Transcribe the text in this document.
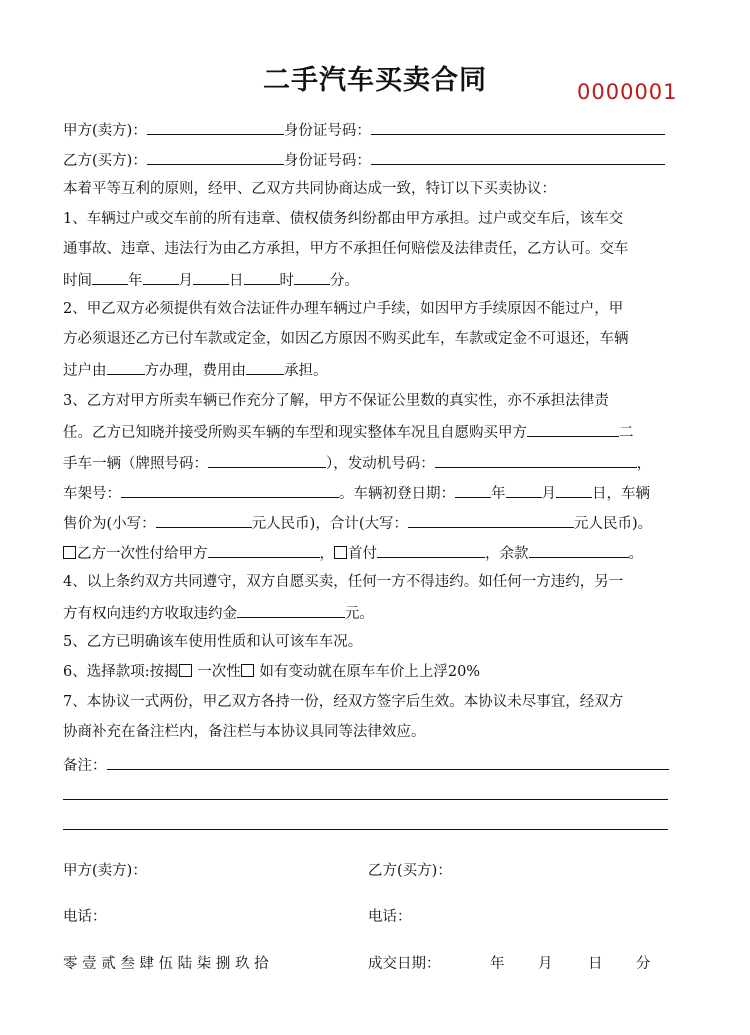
二手汽车买卖合同	0000001
甲方(卖方)：	身份证号码：
乙方(买方)：	身份证号码：
本着平等互利的原则，经甲、乙双方共同协商达成一致，特订以下买卖协议：
1、车辆过户或交车前的所有违章、债权债务纠纷都由甲方承担。过户或交车后，该车交
通事故、违章、违法行为由乙方承担，甲方不承担任何赔偿及法律责任，乙方认可。交车
时间 年 月 日 时 分。
2、甲乙双方必须提供有效合法证件办理车辆过户手续，如因甲方手续原因不能过户，甲
方必须退还乙方已付车款或定金，如因乙方原因不购买此车，车款或定金不可退还，车辆
过户由	方办理，费用由	承担。
3、乙方对甲方所卖车辆已作充分了解，甲方不保证公里数的真实性，亦不承担法律责
任。乙方已知晓并接受所购买车辆的车型和现实整体车况且自愿购买甲方	二
手车一辆（牌照号码：	），发动机号码：	，
车架号：	。车辆初登日期： 年 月 日，车辆
售价为(小写：	元人民币)，合计(大写：	元人民币)。
乙方一次性付给甲方	， 首付	，余款	。
4、以上条约双方共同遵守，双方自愿买卖，任何一方不得违约。如任何一方违约，另一
方有权向违约方收取违约金	元。
5、乙方已明确该车使用性质和认可该车车况。
6、选择款项:按揭 一次性 如有变动就在原车车价上上浮20%
7、本协议一式两份，甲乙双方各持一份，经双方签字后生效。本协议未尽事宜，经双方
协商补充在备注栏内，备注栏与本协议具同等法律效应。
备注：
甲方(卖方)：	乙方(买方)：
电话：	电话：
零 壹 贰 叁 肆 伍 陆 柒 捌 玖 拾	成交日期：	年 月 日 分
